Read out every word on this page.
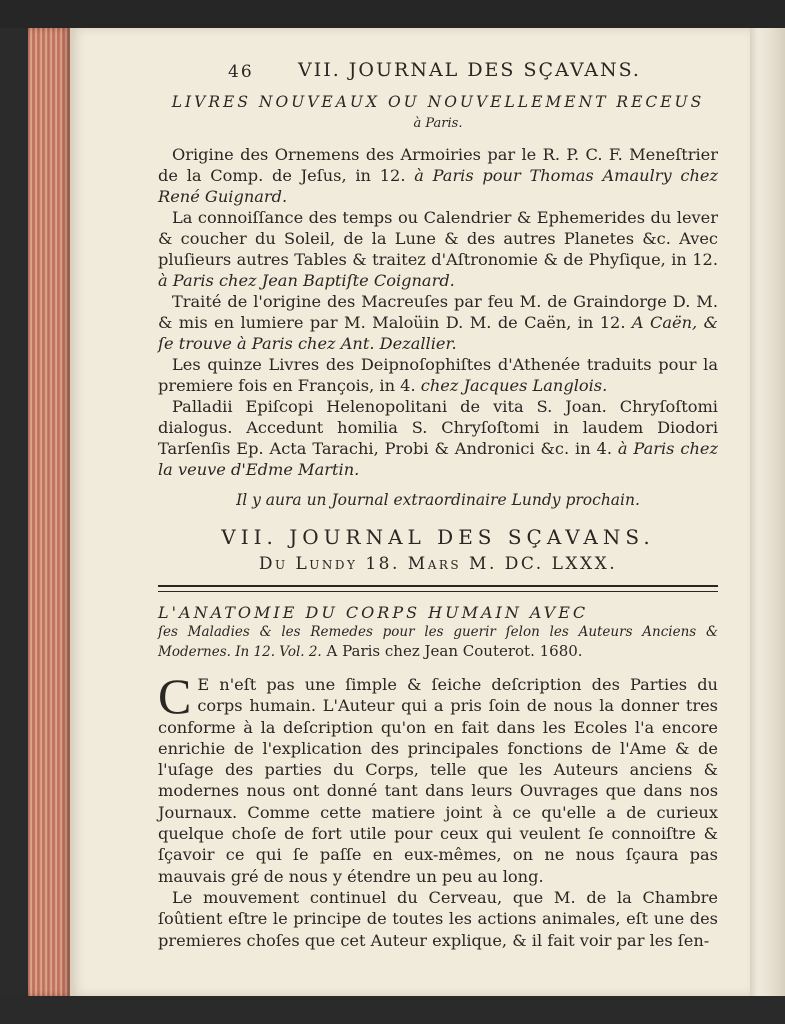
46 VII. JOURNAL DES SÇAVANS.

LIVRES NOUVEAUX OU NOUVELLEMENT RECEUS

à Paris.

Origine des Ornemens des Armoiries par le R. P. C. F. Meneſtrier de la Comp. de Jeſus, in 12. à Paris pour Thomas Amaulry chez René Guignard.

La connoiſſance des temps ou Calendrier & Ephemerides du lever & coucher du Soleil, de la Lune & des autres Planetes &c. Avec pluſieurs autres Tables & traitez d'Aſtronomie & de Phyſique, in 12. à Paris chez Jean Baptiſte Coignard.

Traité de l'origine des Macreuſes par feu M. de Graindorge D. M. & mis en lumiere par M. Maloüin D. M. de Caën, in 12. A Caën, & ſe trouve à Paris chez Ant. Dezallier.

Les quinze Livres des Deipnoſophiſtes d'Athenée traduits pour la premiere fois en François, in 4. chez Jacques Langlois.

Palladii Epiſcopi Helenopolitani de vita S. Joan. Chryſoſtomi dialogus. Accedunt homilia S. Chryſoſtomi in laudem Diodori Tarſenſis Ep. Acta Tarachi, Probi & Andronici &c. in 4. à Paris chez la veuve d'Edme Martin.

Il y aura un Journal extraordinaire Lundy prochain.

VII. JOURNAL DES SÇAVANS.

Du Lundy 18. Mars M. DC. LXXX.

L'ANATOMIE DU CORPS HUMAIN AVEC

ſes Maladies & les Remedes pour les guerir ſelon les Auteurs Anciens & Modernes. In 12. Vol. 2. A Paris chez Jean Couterot. 1680.

C E n'eſt pas une ſimple & ſeiche deſcription des Parties du corps humain. L'Auteur qui a pris ſoin de nous la donner tres conforme à la deſcription qu'on en fait dans les Ecoles l'a encore enrichie de l'explication des principales fonctions de l'Ame & de l'uſage des parties du Corps, telle que les Auteurs anciens & modernes nous ont donné tant dans leurs Ouvrages que dans nos Journaux. Comme cette matiere joint à ce qu'elle a de curieux quelque choſe de fort utile pour ceux qui veulent ſe connoiſtre & ſçavoir ce qui ſe paſſe en eux-mêmes, on ne nous ſçaura pas mauvais gré de nous y étendre un peu au long.

Le mouvement continuel du Cerveau, que M. de la Chambre ſoûtient eſtre le principe de toutes les actions animales, eſt une des premieres choſes que cet Auteur explique, & il fait voir par les ſen-
